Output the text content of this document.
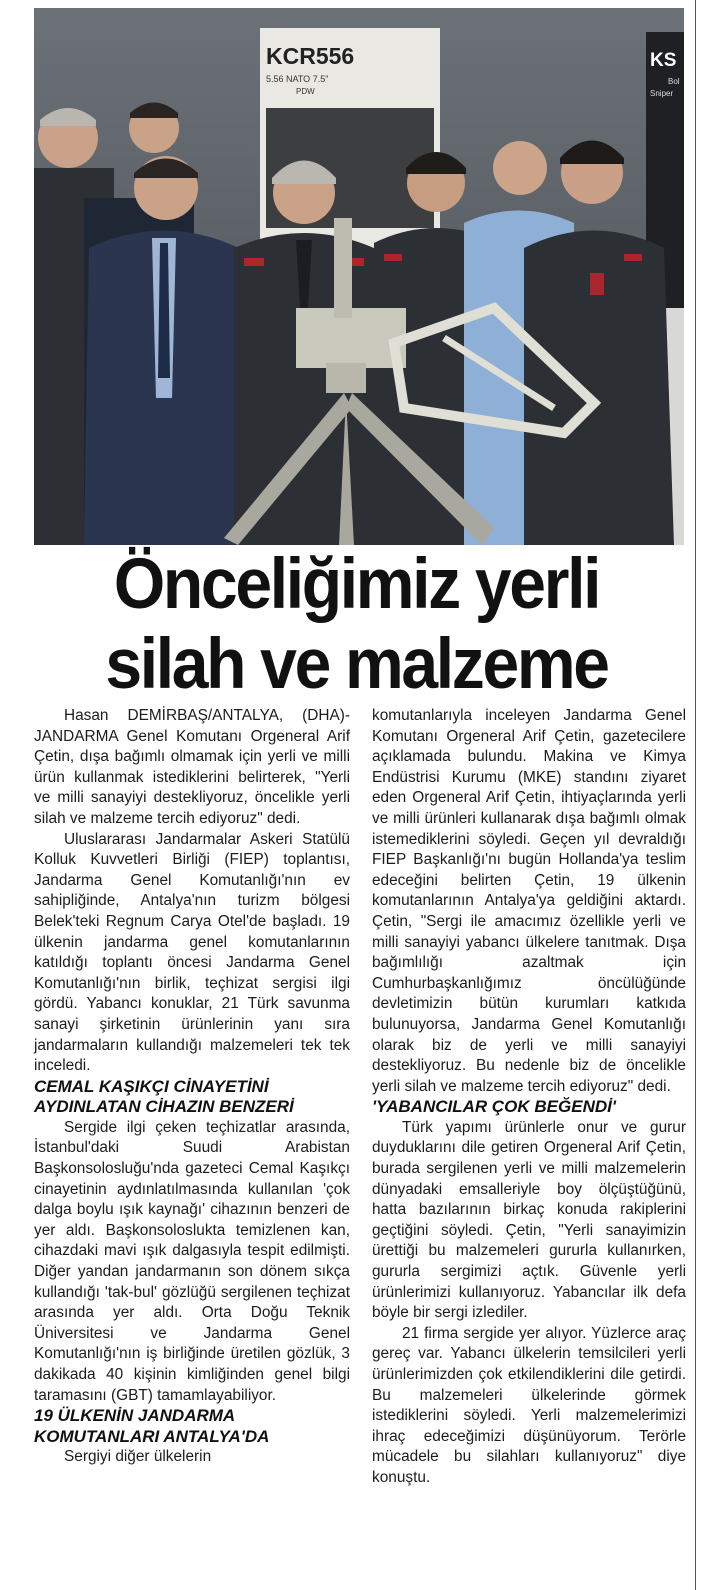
KCR556
5.56 NATO 7.5"
PDW
KS
Bol
Sniper
Önceliğimiz yerli
silah ve malzeme

Hasan DEMİRBAŞ/ANTALYA, (DHA)- JANDARMA Genel Komutanı Orgeneral Arif Çetin, dışa bağımlı olmamak için yerli ve milli ürün kullanmak istediklerini belirterek, "Yerli ve milli sanayiyi destekliyoruz, öncelikle yerli silah ve malzeme tercih ediyoruz" dedi.

Uluslararası Jandarmalar Askeri Statülü Kolluk Kuvvetleri Birliği (FIEP) toplantısı, Jandarma Genel Komutanlığı'nın ev sahipliğinde, Antalya'nın turizm bölgesi Belek'teki Regnum Carya Otel'de başladı. 19 ülkenin jandarma genel komutanlarının katıldığı toplantı öncesi Jandarma Genel Komutanlığı'nın birlik, teçhizat sergisi ilgi gördü. Yabancı konuklar, 21 Türk savunma sanayi şirketinin ürünlerinin yanı sıra jandarmaların kullandığı malzemeleri tek tek inceledi.

CEMAL KAŞIKÇI CİNAYETİNİ

AYDINLATAN CİHAZIN BENZERİ

Sergide ilgi çeken teçhizatlar arasında, İstanbul'daki Suudi Arabistan Başkonsolosluğu'nda gazeteci Cemal Kaşıkçı cinayetinin aydınlatılmasında kullanılan 'çok dalga boylu ışık kaynağı' cihazının benzeri de yer aldı. Başkonsoloslukta temizlenen kan, cihazdaki mavi ışık dalgasıyla tespit edilmişti. Diğer yandan jandarmanın son dönem sıkça kullandığı 'tak-bul' gözlüğü sergilenen teçhizat arasında yer aldı. Orta Doğu Teknik Üniversitesi ve Jandarma Genel Komutanlığı'nın iş birliğinde üretilen gözlük, 3 dakikada 40 kişinin kimliğinden genel bilgi taramasını (GBT) tamamlayabiliyor.

19 ÜLKENİN JANDARMA

KOMUTANLARI ANTALYA'DA

Sergiyi diğer ülkelerin

komutanlarıyla inceleyen Jandarma Genel Komutanı Orgeneral Arif Çetin, gazetecilere açıklamada bulundu. Makina ve Kimya Endüstrisi Kurumu (MKE) standını ziyaret eden Orgeneral Arif Çetin, ihtiyaçlarında yerli ve milli ürünleri kullanarak dışa bağımlı olmak istemediklerini söyledi. Geçen yıl devraldığı FIEP Başkanlığı'nı bugün Hollanda'ya teslim edeceğini belirten Çetin, 19 ülkenin komutanlarının Antalya'ya geldiğini aktardı. Çetin, "Sergi ile amacımız özellikle yerli ve milli sanayiyi yabancı ülkelere tanıtmak. Dışa bağımlılığı azaltmak için Cumhurbaşkanlığımız öncülüğünde devletimizin bütün kurumları katkıda bulunuyorsa, Jandarma Genel Komutanlığı olarak biz de yerli ve milli sanayiyi destekliyoruz. Bu nedenle biz de öncelikle yerli silah ve malzeme tercih ediyoruz" dedi.

'YABANCILAR ÇOK BEĞENDİ'

Türk yapımı ürünlerle onur ve gurur duyduklarını dile getiren Orgeneral Arif Çetin, burada sergilenen yerli ve milli malzemelerin dünyadaki emsalleriyle boy ölçüştüğünü, hatta bazılarının birkaç konuda rakiplerini geçtiğini söyledi. Çetin, "Yerli sanayimizin ürettiği bu malzemeleri gururla kullanırken, gururla sergimizi açtık. Güvenle yerli ürünlerimizi kullanıyoruz. Yabancılar ilk defa böyle bir sergi izlediler.

21 firma sergide yer alıyor. Yüzlerce araç gereç var. Yabancı ülkelerin temsilcileri yerli ürünlerimizden çok etkilendiklerini dile getirdi. Bu malzemeleri ülkelerinde görmek istediklerini söyledi. Yerli malzemelerimizi ihraç edeceğimizi düşünüyorum. Terörle mücadele bu silahları kullanıyoruz" diye konuştu.
